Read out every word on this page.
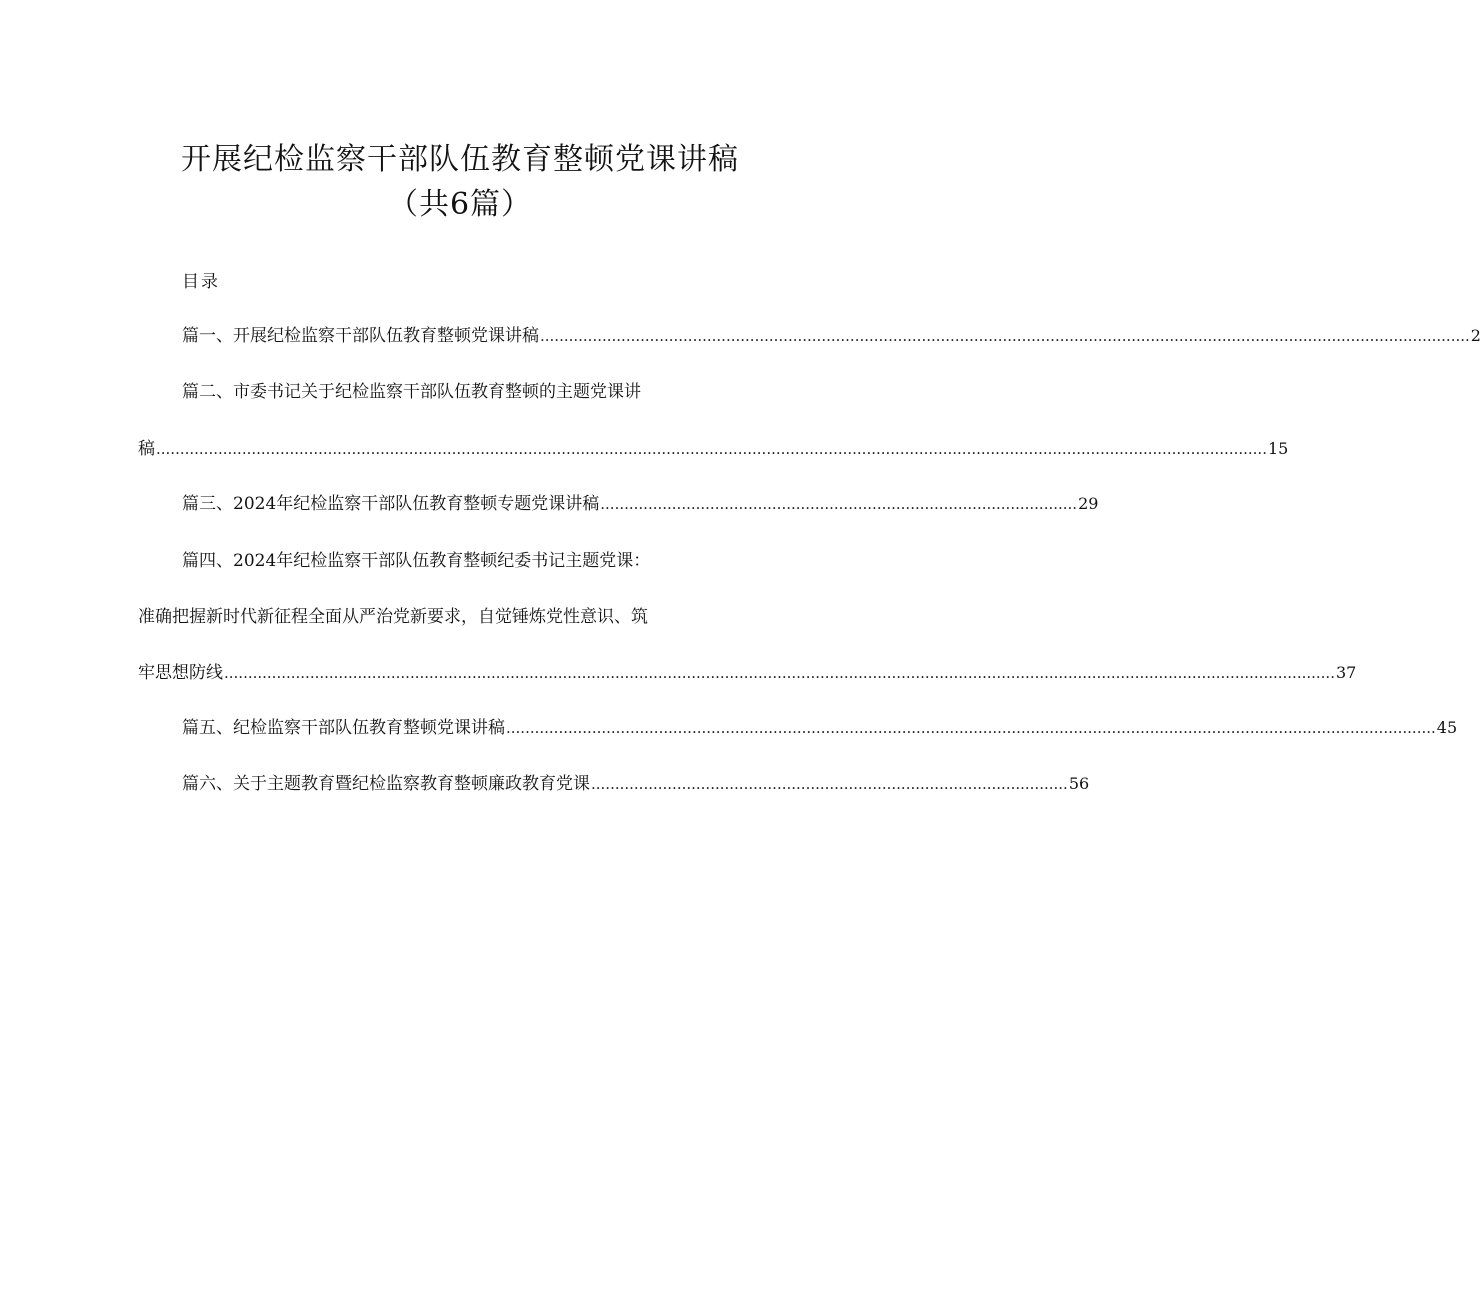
开展纪检监察干部队伍教育整顿党课讲稿
（共6篇）
目录
篇一、开展纪检监察干部队伍教育整顿党课讲稿 ................................................................................................................................................................................................... 2
篇二、市委书记关于纪检监察干部队伍教育整顿的主题党课讲
稿 ......................................................................................................................................................................................................................................... 15
篇三、 2024 年纪检监察干部队伍教育整顿专题党课讲稿 .................................................................................................... 29
篇四、 2024 年纪检监察干部队伍教育整顿纪委书记主题党课：
准确把握新时代新征程全面从严治党新要求，自觉锤炼党性意识、筑
牢思想防线 ......................................................................................................................................................................................................................................... 37
篇五、纪检监察干部队伍教育整顿党课讲稿 ................................................................................................................................................................................................... 45
篇六、关于主题教育暨纪检监察教育整顿廉政教育党课 .................................................................................................... 56
